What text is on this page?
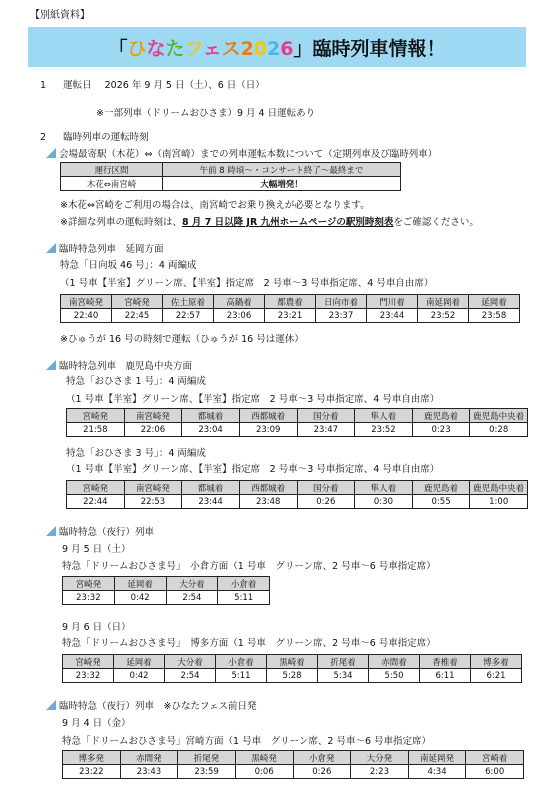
【別紙資料】
「ひなたフェス2026」臨時列車情報！
1 運転日 2026 年 9 月 5 日（土）、6 日（日）
※一部列車（ドリームおひさま）9 月 4 日運転あり
2 臨時列車の運転時刻
会場最寄駅（木花）⇔（南宮崎）までの列車運転本数について（定期列車及び臨時列車）
運行区間	午前 8 時頃～・コンサート終了～最終まで
木花⇔南宮崎	大幅増発！
※木花⇔宮崎をご利用の場合は、南宮崎でお乗り換えが必要となります。
※詳細な列車の運転時刻は、8 月 7 日以降 JR 九州ホームページの駅別時刻表をご確認ください。
臨時特急列車　延岡方面
特急「日向坂 46 号」：4 両編成
（1 号車【半室】グリーン席、【半室】指定席　2 号車～3 号車指定席、4 号車自由席）
南宮崎発	宮崎発	佐土原着	高鍋着	都農着	日向市着	門川着	南延岡着	延岡着
22:40	22:45	22:57	23:06	23:21	23:37	23:44	23:52	23:58
※ひゅうが 16 号の時刻で運転（ひゅうが 16 号は運休）
臨時特急列車　鹿児島中央方面
特急「おひさま 1 号」：4 両編成
（1 号車【半室】グリーン席、【半室】指定席　2 号車～3 号車指定席、4 号車自由席）
宮崎発	南宮崎発	都城着	西都城着	国分着	隼人着	鹿児島着	鹿児島中央着
21:58	22:06	23:04	23:09	23:47	23:52	0:23	0:28
特急「おひさま 3 号」：4 両編成
（1 号車【半室】グリーン席、【半室】指定席　2 号車～3 号車指定席、4 号車自由席）
宮崎発	南宮崎発	都城着	西都城着	国分着	隼人着	鹿児島着	鹿児島中央着
22:44	22:53	23:44	23:48	0:26	0:30	0:55	1:00
臨時特急（夜行）列車
9 月 5 日（土）
特急「ドリームおひさま号」　小倉方面（1 号車　グリーン席、2 号車～6 号車指定席）
宮崎発	延岡着	大分着	小倉着
23:32	0:42	2:54	5:11
9 月 6 日（日）
特急「ドリームおひさま号」　博多方面（1 号車　グリーン席、2 号車～6 号車指定席）
宮崎発	延岡着	大分着	小倉着	黒崎着	折尾着	赤間着	香椎着	博多着
23:32	0:42	2:54	5:11	5:28	5:34	5:50	6:11	6:21
臨時特急（夜行）列車　※ひなたフェス前日発
9 月 4 日（金）
特急「ドリームおひさま号」宮崎方面（1 号車　グリーン席、2 号車～6 号車指定席）
博多発	赤間発	折尾発	黒崎発	小倉発	大分発	南延岡発	宮崎着
23:22	23:43	23:59	0:06	0:26	2:23	4:34	6:00
